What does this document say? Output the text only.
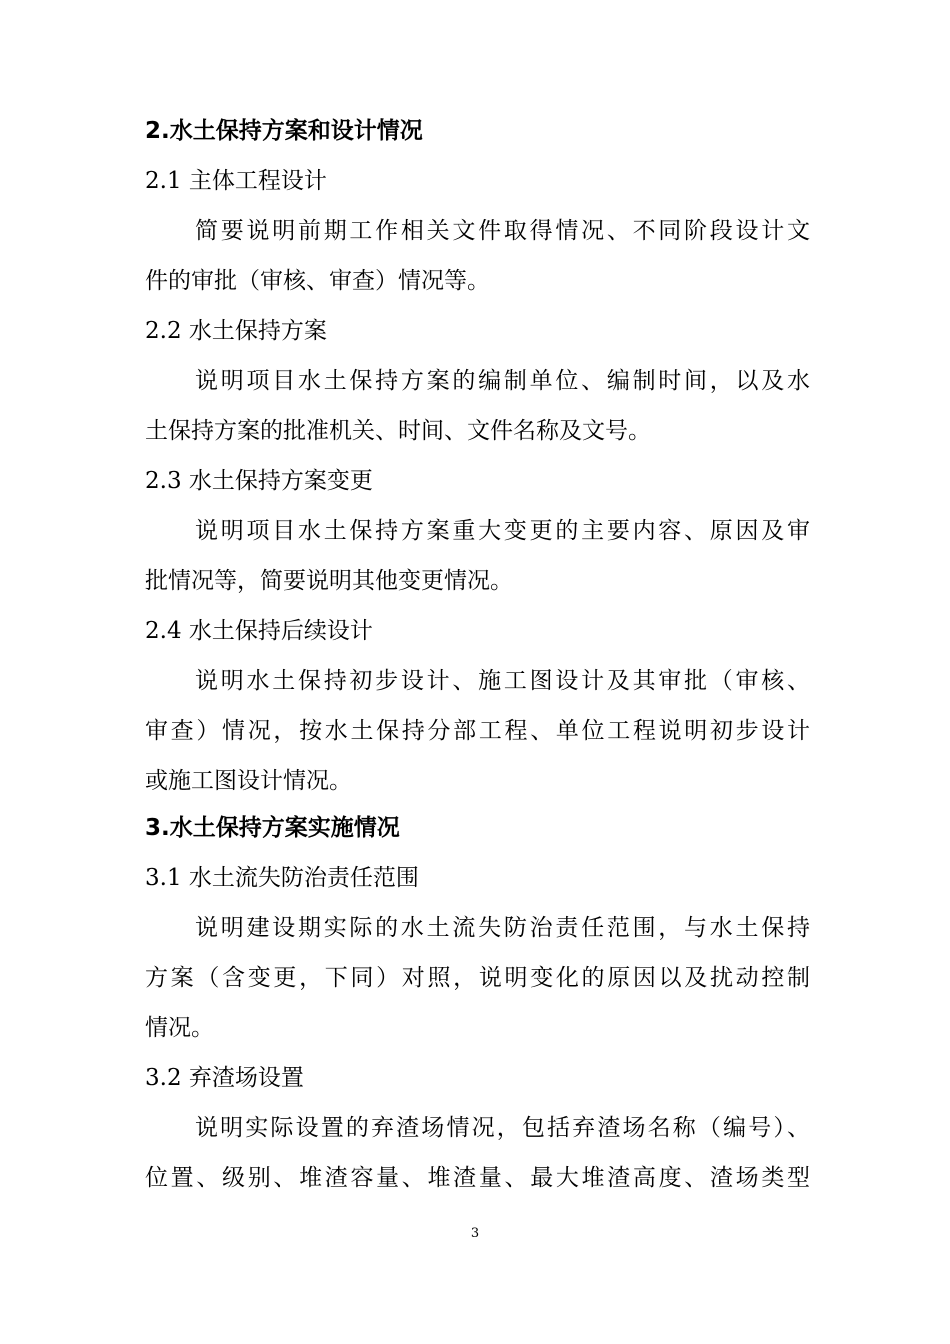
2.水土保持方案和设计情况
2.1 主体工程设计
简要说明前期工作相关文件取得情况、不同阶段设计文
件的审批（审核、审查）情况等。
2.2 水土保持方案
说明项目水土保持方案的编制单位、编制时间，以及水
土保持方案的批准机关、时间、文件名称及文号。
2.3 水土保持方案变更
说明项目水土保持方案重大变更的主要内容、原因及审
批情况等，简要说明其他变更情况。
2.4 水土保持后续设计
说明水土保持初步设计、施工图设计及其审批（审核、
审查）情况，按水土保持分部工程、单位工程说明初步设计
或施工图设计情况。
3.水土保持方案实施情况
3.1 水土流失防治责任范围
说明建设期实际的水土流失防治责任范围，与水土保持
方案（含变更，下同）对照，说明变化的原因以及扰动控制
情况。
3.2 弃渣场设置
说明实际设置的弃渣场情况，包括弃渣场名称（编号）、
位置、级别、堆渣容量、堆渣量、最大堆渣高度、渣场类型
3
